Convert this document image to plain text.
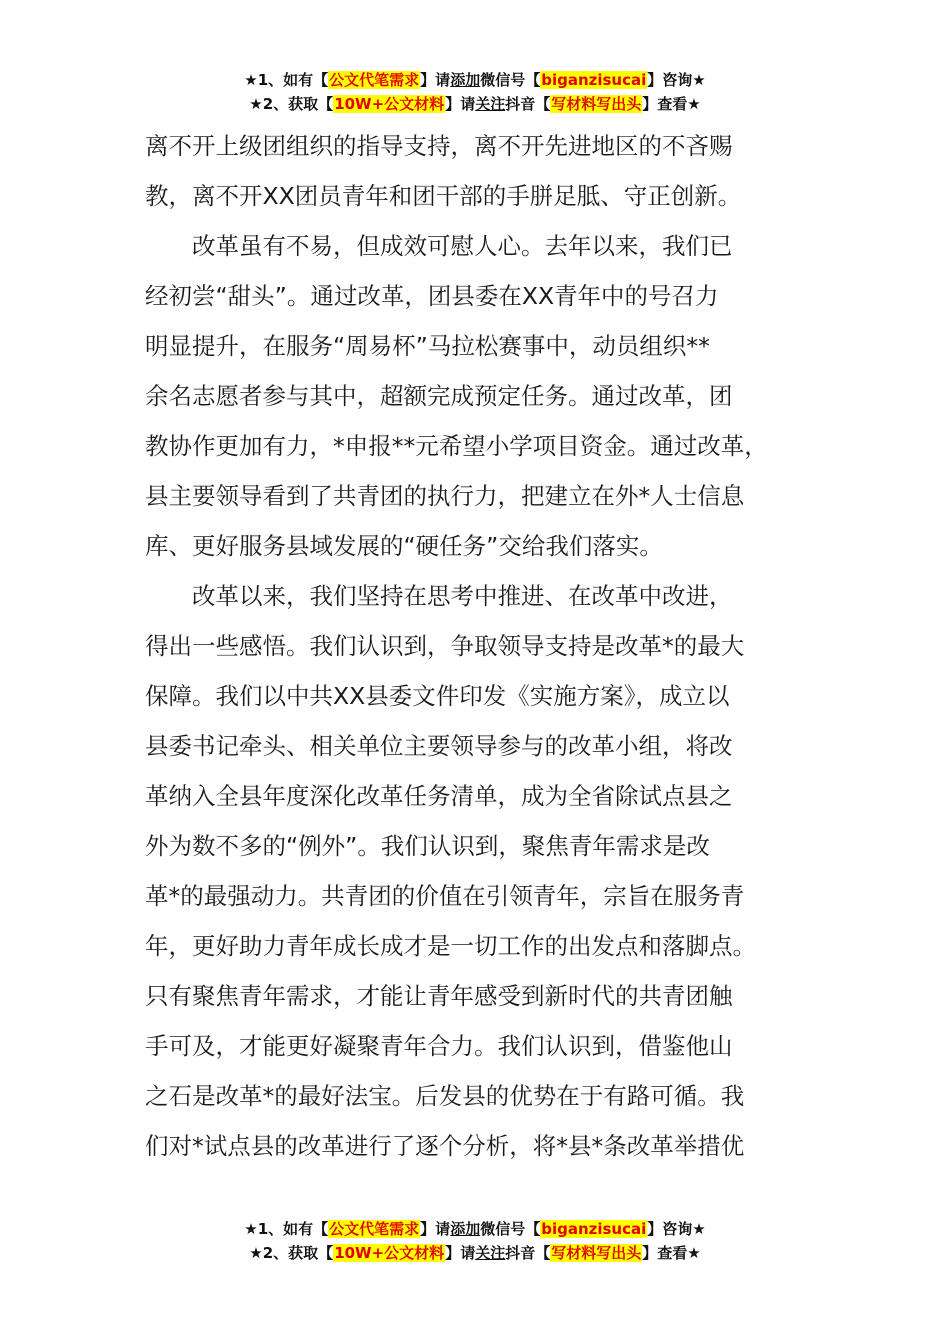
★1、如有【公文代笔需求】请添加微信号【biganzisucai】咨询★
★2、获取【10W+公文材料】请关注抖音【写材料写出头】查看★
离不开上级团组织的指导支持，离不开先进地区的不吝赐
教，离不开XX团员青年和团干部的手胼足胝、守正创新。
　　改革虽有不易，但成效可慰人心。去年以来，我们已
经初尝“甜头”。通过改革，团县委在XX青年中的号召力
明显提升，在服务“周易杯”马拉松赛事中，动员组织**
余名志愿者参与其中，超额完成预定任务。通过改革，团
教协作更加有力，*申报**元希望小学项目资金。通过改革，
县主要领导看到了共青团的执行力，把建立在外*人士信息
库、更好服务县域发展的“硬任务”交给我们落实。
　　改革以来，我们坚持在思考中推进、在改革中改进，
得出一些感悟。我们认识到，争取领导支持是改革*的最大
保障。我们以中共XX县委文件印发《实施方案》，成立以
县委书记牵头、相关单位主要领导参与的改革小组，将改
革纳入全县年度深化改革任务清单，成为全省除试点县之
外为数不多的“例外”。我们认识到，聚焦青年需求是改
革*的最强动力。共青团的价值在引领青年，宗旨在服务青
年，更好助力青年成长成才是一切工作的出发点和落脚点。
只有聚焦青年需求，才能让青年感受到新时代的共青团触
手可及，才能更好凝聚青年合力。我们认识到，借鉴他山
之石是改革*的最好法宝。后发县的优势在于有路可循。我
们对*试点县的改革进行了逐个分析，将*县*条改革举措优
★1、如有【公文代笔需求】请添加微信号【biganzisucai】咨询★
★2、获取【10W+公文材料】请关注抖音【写材料写出头】查看★
